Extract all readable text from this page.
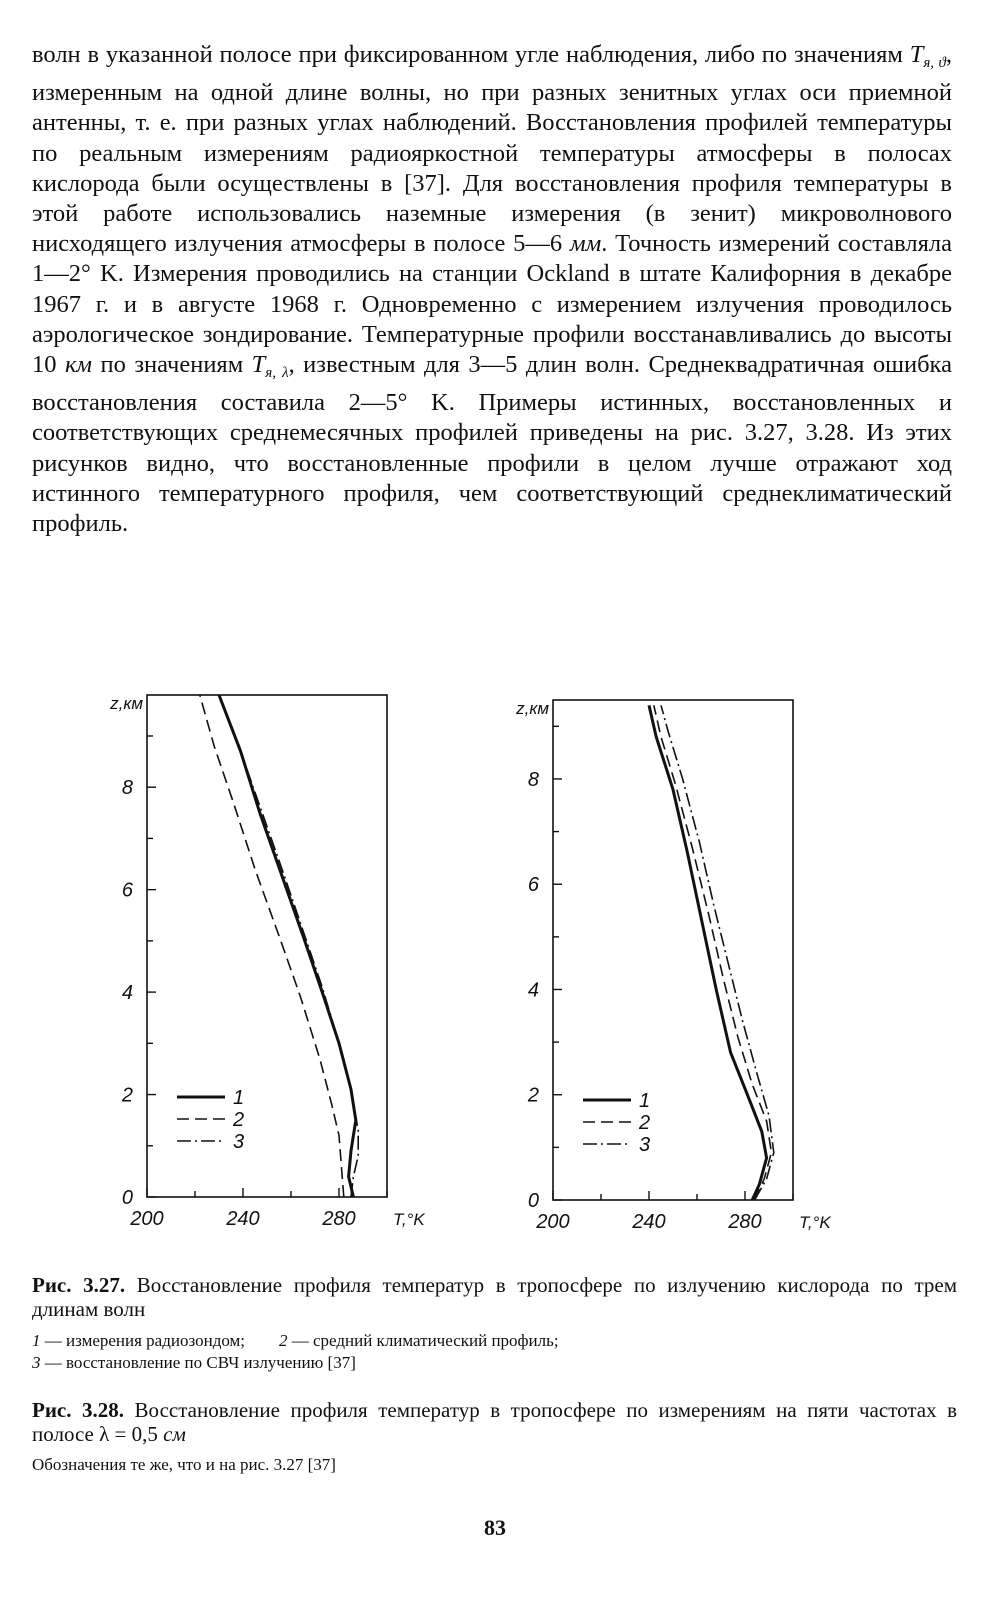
волн в указанной полосе при фиксированном угле наблюдения, либо по значениям $T_{я, ϑ}$, измеренным на одной длине волны, но при разных зенитных углах оси приемной антенны, т. е. при разных углах наблюдений. Восстановления профилей температуры по реальным измерениям радиояркостной температуры атмосферы в полосах кислорода были осуществлены в [37]. Для восстановления профиля температуры в этой работе использовались наземные измерения (в зенит) микроволнового нисходящего излучения атмосферы в полосе 5—6 мм. Точность измерений составляла 1—2° K. Измерения проводились на станции Ockland в штате Калифорния в декабре 1967 г. и в августе 1968 г. Одновременно с измерением излучения проводилось аэрологическое зондирование. Температурные профили восстанавливались до высоты 10 км по значениям $T_{я, \lambda}$, известным для 3—5 длин волн. Среднеквадратичная ошибка восстановления составила 2—5° K. Примеры истинных, восстановленных и соответствующих среднемесячных профилей приведены на рис. 3.27, 3.28. Из этих рисунков видно, что восстановленные профили в целом лучше отражают ход истинного температурного профиля, чем соответствующий среднеклиматический профиль.

0
2
4
6
8
200	240	280 T,°K
z,км
1
2
3
0
2
4
6
8
200	240	280 T,°K
z,км
1
2
3

Рис. 3.27. Восстановление профиля температур в тропосфере по излучению кислорода по трем длинам волн

1 — измерения радиозондом; 2 — средний климатический профиль;
3 — восстановление по СВЧ излучению [37]

Рис. 3.28. Восстановление профиля температур в тропосфере по измерениям на пяти частотах в полосе λ = 0,5 см

Обозначения те же, что и на рис. 3.27 [37]

83
